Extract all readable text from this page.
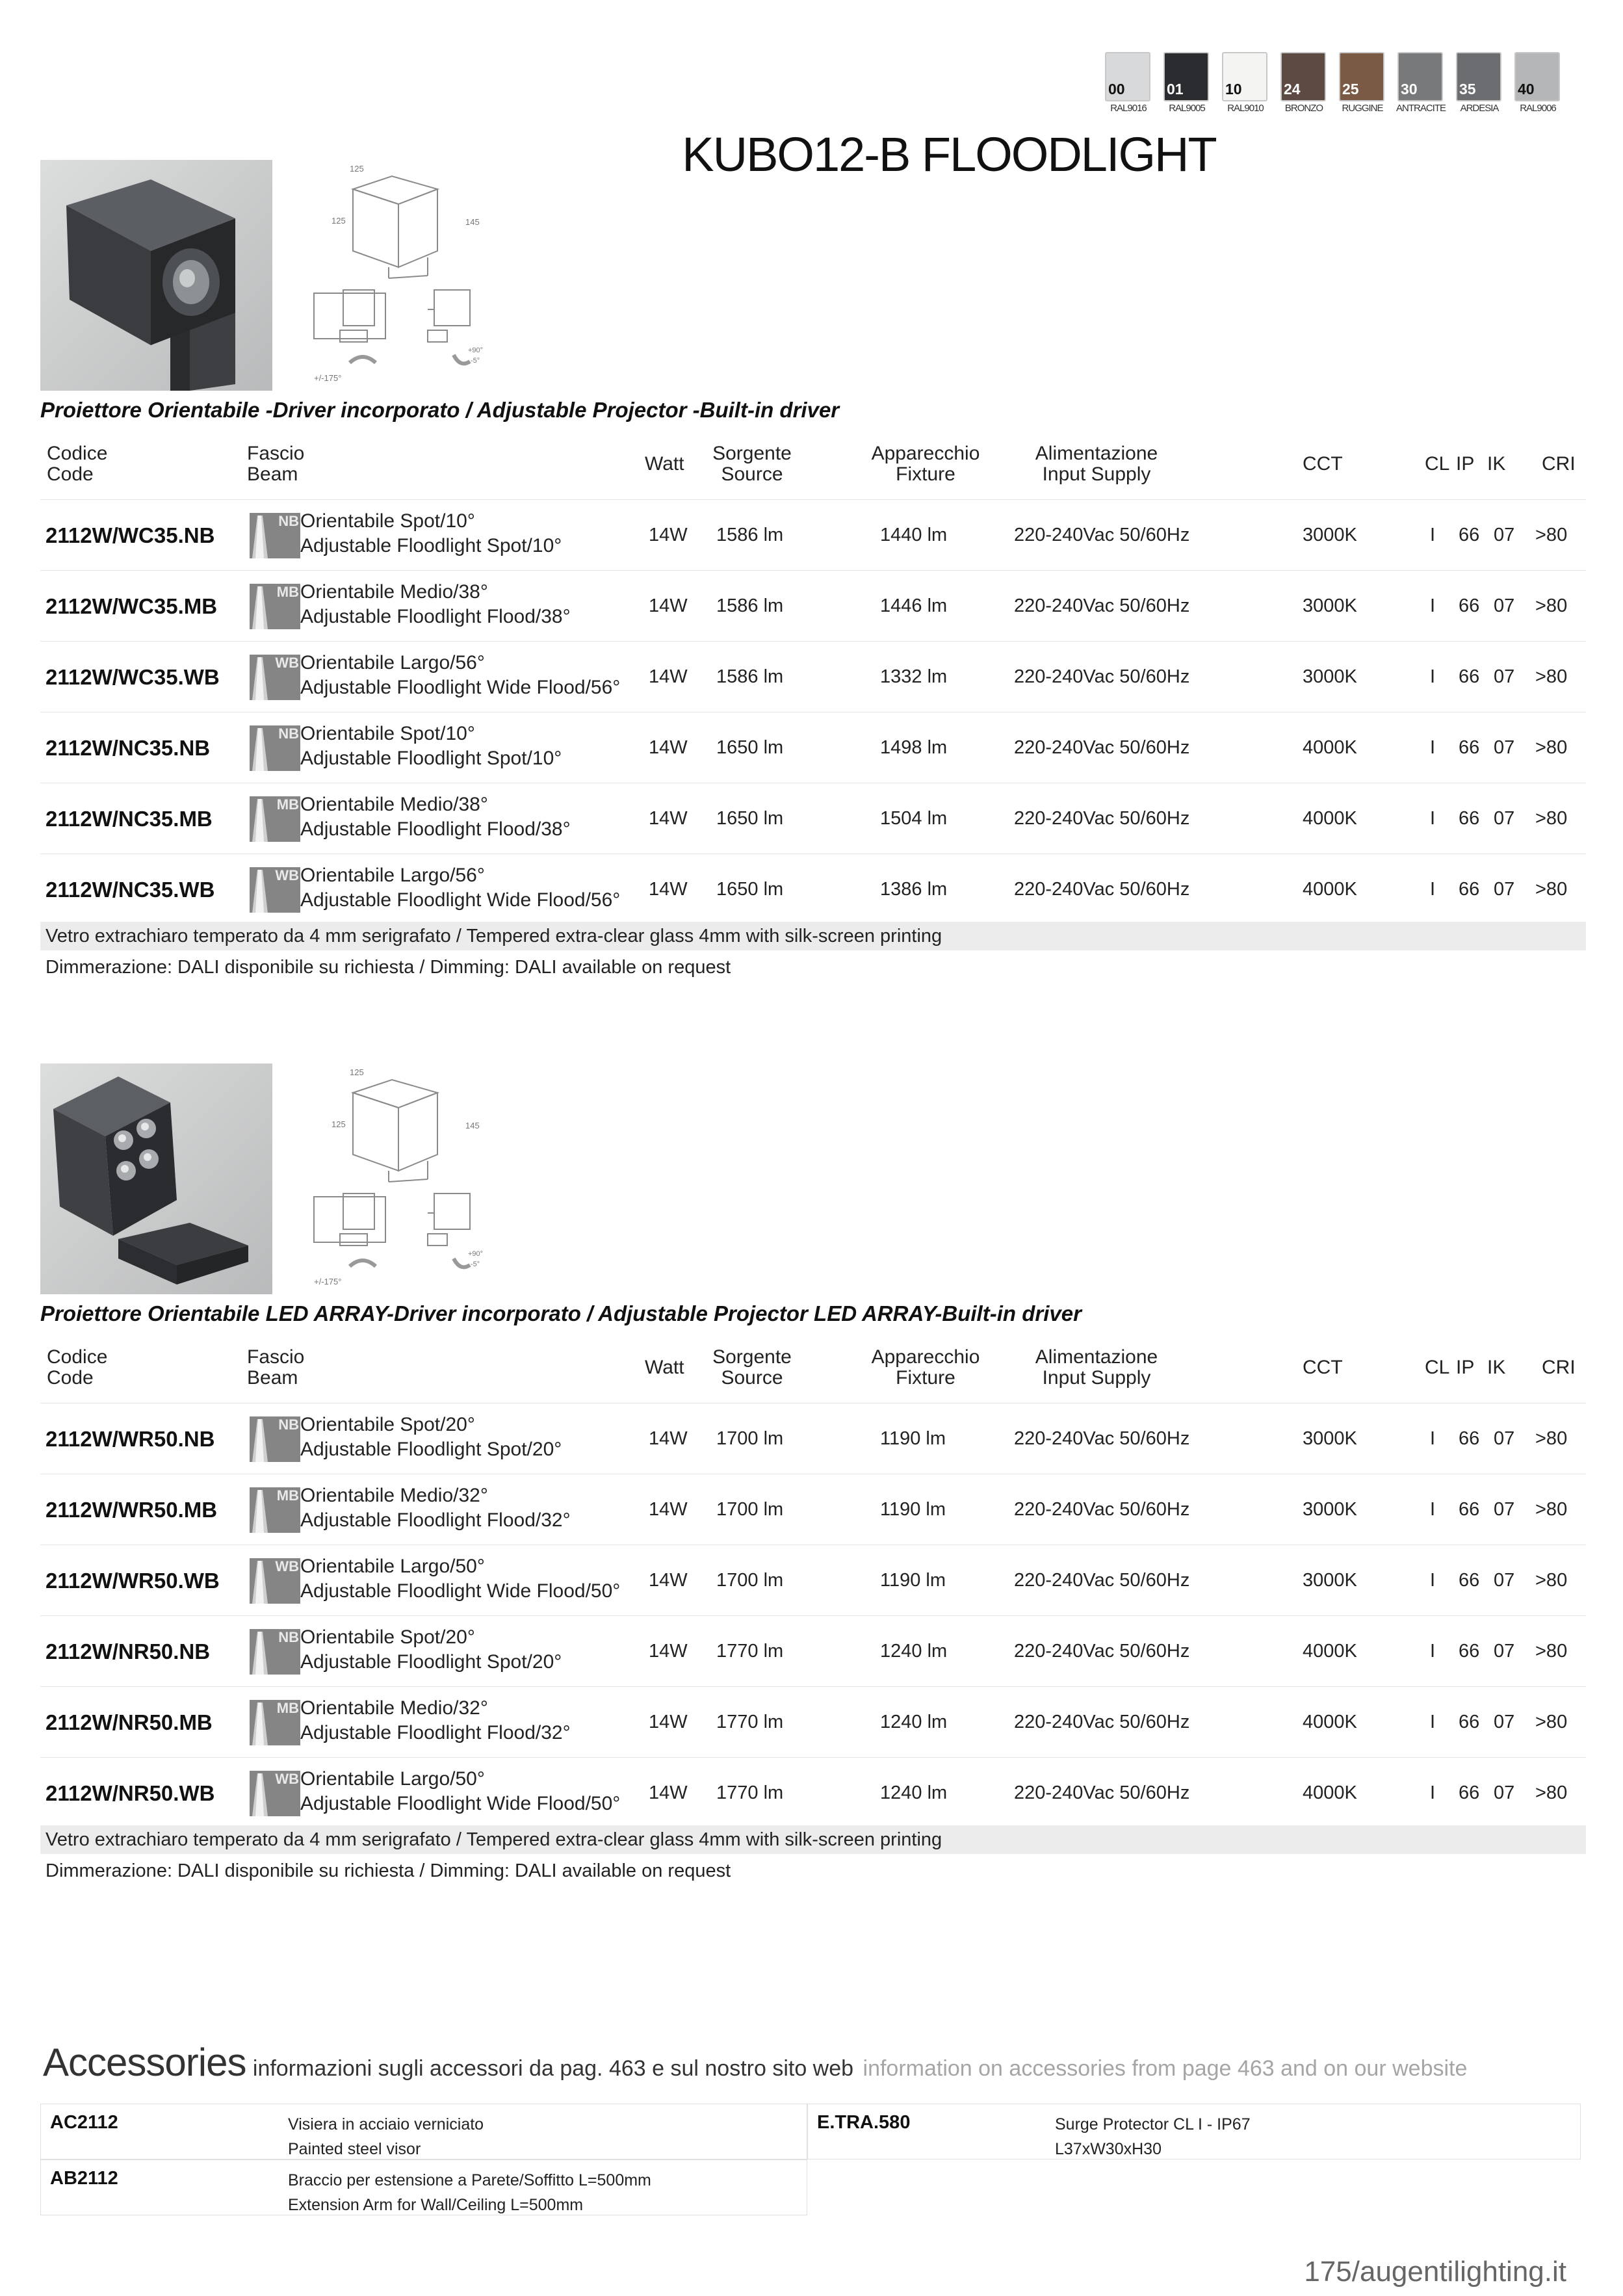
00
RAL9016
01
RAL9005
10
RAL9010
24
BRONZO
25
RUGGINE
30
ANTRACITE
35
ARDESIA
40
RAL9006
KUBO12-B FLOODLIGHT
125
125	145
+/-175°
+90°
-5°
Proiettore Orientabile -Driver incorporato / Adjustable Projector -Built-in driver
Codice
Code
Fascio
Beam	Watt Sorgente
Source
Apparecchio
Fixture
Alimentazione
Input Supply	CCT	CL IP IK CRI
2112W/WC35.NB
NB Orientabile Spot/10°
Adjustable Floodlight Spot/10°	14W 1586 lm	1440 lm	220-240Vac 50/60Hz	3000K	I 66 07 >80
2112W/WC35.MB
MB Orientabile Medio/38°
Adjustable Floodlight Flood/38°	14W 1586 lm	1446 lm	220-240Vac 50/60Hz	3000K	I 66 07 >80
2112W/WC35.WB
WB Orientabile Largo/56°
Adjustable Floodlight Wide Flood/56° 14W 1586 lm	1332 lm	220-240Vac 50/60Hz	3000K	I 66 07 >80
2112W/NC35.NB
NB Orientabile Spot/10°
Adjustable Floodlight Spot/10°	14W 1650 lm	1498 lm	220-240Vac 50/60Hz	4000K	I 66 07 >80
2112W/NC35.MB
MB Orientabile Medio/38°
Adjustable Floodlight Flood/38°	14W 1650 lm	1504 lm	220-240Vac 50/60Hz	4000K	I 66 07 >80
2112W/NC35.WB
WB Orientabile Largo/56°
Adjustable Floodlight Wide Flood/56° 14W 1650 lm	1386 lm	220-240Vac 50/60Hz	4000K	I 66 07 >80
Vetro extrachiaro temperato da 4 mm serigrafato / Tempered extra-clear glass 4mm with silk-screen printing
Dimmerazione: DALI disponibile su richiesta / Dimming: DALI available on request
125
125	145
+/-175°
+90°
-5°
Proiettore Orientabile LED ARRAY-Driver incorporato / Adjustable Projector LED ARRAY-Built-in driver
Codice
Code
Fascio
Beam	Watt Sorgente
Source
Apparecchio
Fixture
Alimentazione
Input Supply	CCT	CL IP IK CRI
2112W/WR50.NB
NB Orientabile Spot/20°
Adjustable Floodlight Spot/20°	14W 1700 lm	1190 lm	220-240Vac 50/60Hz	3000K	I 66 07 >80
2112W/WR50.MB
MB Orientabile Medio/32°
Adjustable Floodlight Flood/32°	14W 1700 lm	1190 lm	220-240Vac 50/60Hz	3000K	I 66 07 >80
2112W/WR50.WB
WB Orientabile Largo/50°
Adjustable Floodlight Wide Flood/50° 14W 1700 lm	1190 lm	220-240Vac 50/60Hz	3000K	I 66 07 >80
2112W/NR50.NB
NB Orientabile Spot/20°
Adjustable Floodlight Spot/20°	14W 1770 lm	1240 lm	220-240Vac 50/60Hz	4000K	I 66 07 >80
2112W/NR50.MB
MB Orientabile Medio/32°
Adjustable Floodlight Flood/32°	14W 1770 lm	1240 lm	220-240Vac 50/60Hz	4000K	I 66 07 >80
2112W/NR50.WB
WB Orientabile Largo/50°
Adjustable Floodlight Wide Flood/50° 14W 1770 lm	1240 lm	220-240Vac 50/60Hz	4000K	I 66 07 >80
Vetro extrachiaro temperato da 4 mm serigrafato / Tempered extra-clear glass 4mm with silk-screen printing
Dimmerazione: DALI disponibile su richiesta / Dimming: DALI available on request
Accessories informazioni sugli accessori da pag. 463 e sul nostro sito web information on accessories from page 463 and on our website
AC2112	Visiera in acciaio verniciato
Painted steel visor
AB2112	Braccio per estensione a Parete/Soffitto L=500mm
Extension Arm for Wall/Ceiling L=500mm
E.TRA.580	Surge Protector CL I - IP67
L37xW30xH30
175/augentilighting.it
